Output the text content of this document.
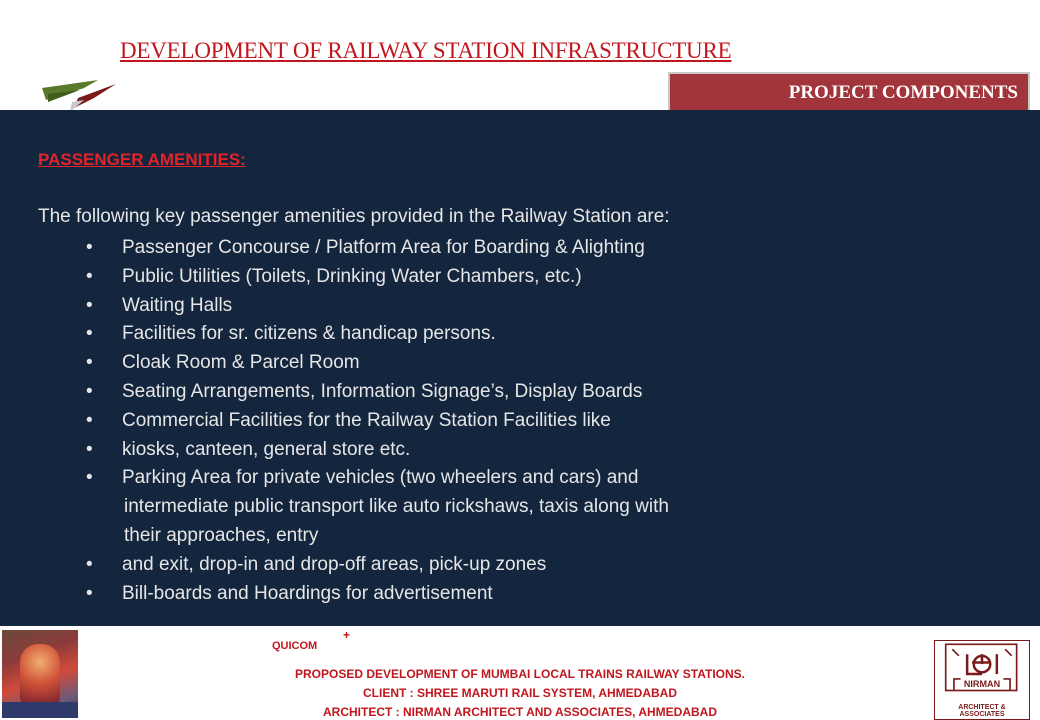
DEVELOPMENT OF RAILWAY STATION INFRASTRUCTURE
PROJECT COMPONENTS
PASSENGER AMENITIES:
The following key passenger amenities provided in the Railway Station are:
• Passenger Concourse / Platform Area for Boarding & Alighting
• Public Utilities (Toilets, Drinking Water Chambers, etc.)
• Waiting Halls
• Facilities for sr. citizens & handicap persons.
• Cloak Room & Parcel Room
• Seating Arrangements, Information Signage’s, Display Boards
• Commercial Facilities for the Railway Station Facilities like
• kiosks, canteen, general store etc.
• Parking Area for private vehicles (two wheelers and cars) and
intermediate public transport like auto rickshaws, taxis along with
their approaches, entry
• and exit, drop-in and drop-off areas, pick-up zones
• Bill-boards and Hoardings for advertisement
QUICOM
+
PROPOSED DEVELOPMENT OF MUMBAI LOCAL TRAINS RAILWAY STATIONS.
CLIENT : SHREE MARUTI RAIL SYSTEM, AHMEDABAD
ARCHITECT : NIRMAN ARCHITECT AND ASSOCIATES, AHMEDABAD
NIRMAN
ARCHITECT & ASSOCIATES
